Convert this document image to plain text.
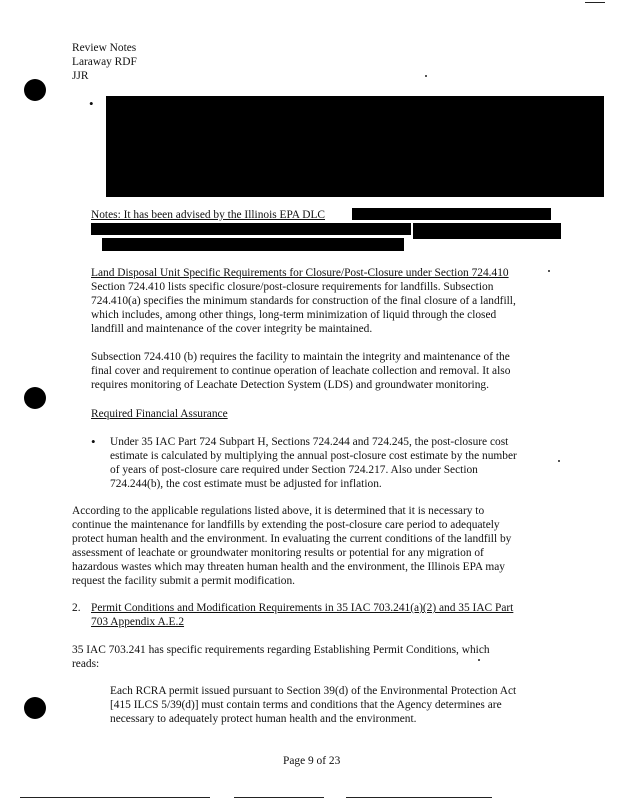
Review Notes
Laraway RDF
JJR
•
Notes: It has been advised by the Illinois EPA DLC
Land Disposal Unit Specific Requirements for Closure/Post-Closure under Section 724.410
Section 724.410 lists specific closure/post-closure requirements for landfills. Subsection
724.410(a) specifies the minimum standards for construction of the final closure of a landfill,
which includes, among other things, long-term minimization of liquid through the closed
landfill and maintenance of the cover integrity be maintained.
Subsection 724.410 (b) requires the facility to maintain the integrity and maintenance of the
final cover and requirement to continue operation of leachate collection and removal. It also
requires monitoring of Leachate Detection System (LDS) and groundwater monitoring.
Required Financial Assurance
• Under 35 IAC Part 724 Subpart H, Sections 724.244 and 724.245, the post-closure cost
estimate is calculated by multiplying the annual post-closure cost estimate by the number
of years of post-closure care required under Section 724.217. Also under Section
724.244(b), the cost estimate must be adjusted for inflation.
According to the applicable regulations listed above, it is determined that it is necessary to
continue the maintenance for landfills by extending the post-closure care period to adequately
protect human health and the environment. In evaluating the current conditions of the landfill by
assessment of leachate or groundwater monitoring results or potential for any migration of
hazardous wastes which may threaten human health and the environment, the Illinois EPA may
request the facility submit a permit modification.
2. Permit Conditions and Modification Requirements in 35 IAC 703.241(a)(2) and 35 IAC Part
703 Appendix A.E.2
35 IAC 703.241 has specific requirements regarding Establishing Permit Conditions, which
reads:
Each RCRA permit issued pursuant to Section 39(d) of the Environmental Protection Act
[415 ILCS 5/39(d)] must contain terms and conditions that the Agency determines are
necessary to adequately protect human health and the environment.
Page 9 of 23
